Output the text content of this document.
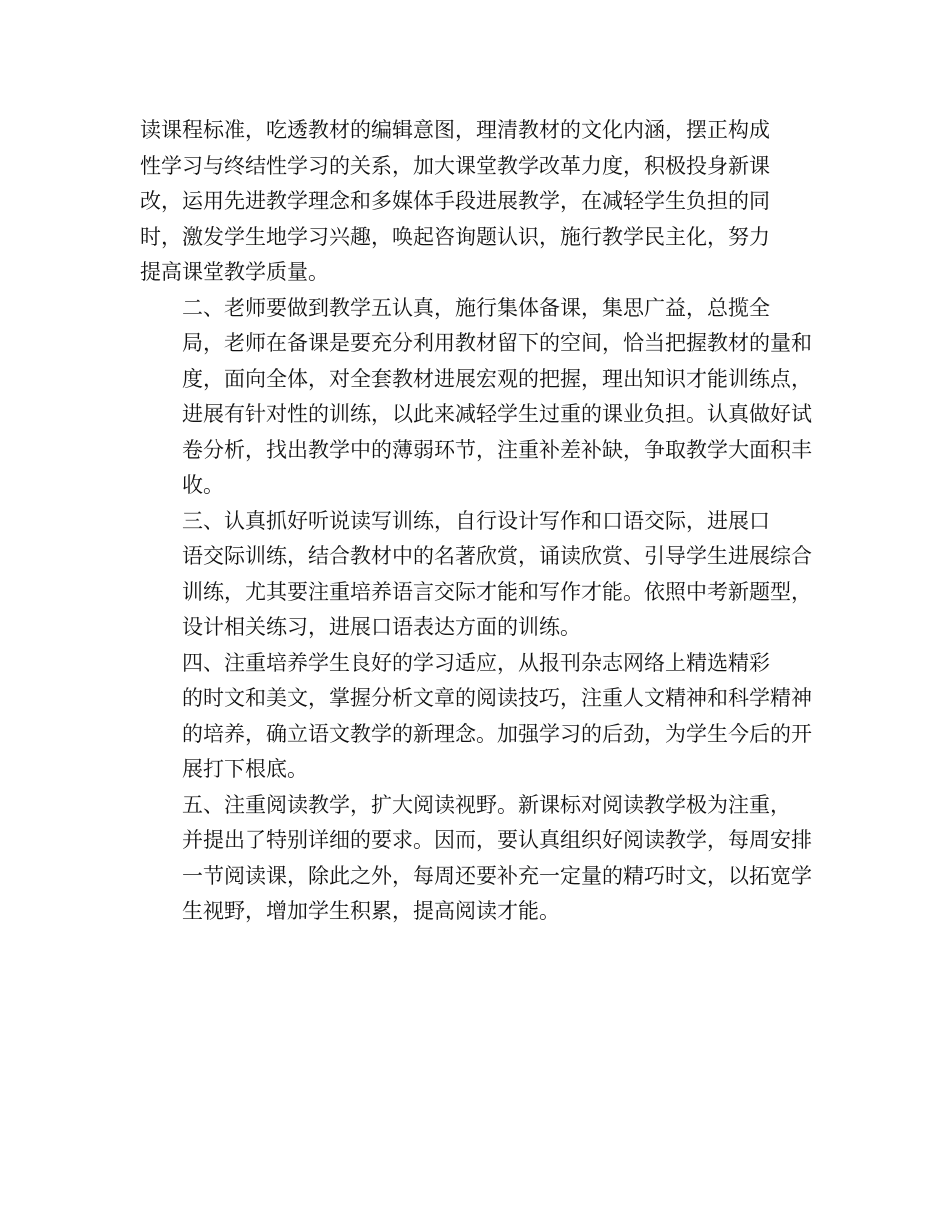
读课程标准，吃透教材的编辑意图，理清教材的文化内涵，摆正构成
性学习与终结性学习的关系，加大课堂教学改革力度，积极投身新课
改，运用先进教学理念和多媒体手段进展教学，在减轻学生负担的同
时，激发学生地学习兴趣，唤起咨询题认识，施行教学民主化，努力
提高课堂教学质量。

二、老师要做到教学五认真，施行集体备课，集思广益，总揽全
局，老师在备课是要充分利用教材留下的空间，恰当把握教材的量和
度，面向全体，对全套教材进展宏观的把握，理出知识才能训练点，
进展有针对性的训练，以此来减轻学生过重的课业负担。认真做好试
卷分析，找出教学中的薄弱环节，注重补差补缺，争取教学大面积丰
收。

三、认真抓好听说读写训练，自行设计写作和口语交际，进展口
语交际训练，结合教材中的名著欣赏，诵读欣赏、引导学生进展综合
训练，尤其要注重培养语言交际才能和写作才能。依照中考新题型，
设计相关练习，进展口语表达方面的训练。

四、注重培养学生良好的学习适应，从报刊杂志网络上精选精彩
的时文和美文，掌握分析文章的阅读技巧，注重人文精神和科学精神
的培养，确立语文教学的新理念。加强学习的后劲，为学生今后的开
展打下根底。

五、注重阅读教学，扩大阅读视野。新课标对阅读教学极为注重，
并提出了特别详细的要求。因而，要认真组织好阅读教学，每周安排
一节阅读课，除此之外，每周还要补充一定量的精巧时文，以拓宽学
生视野，增加学生积累，提高阅读才能。
